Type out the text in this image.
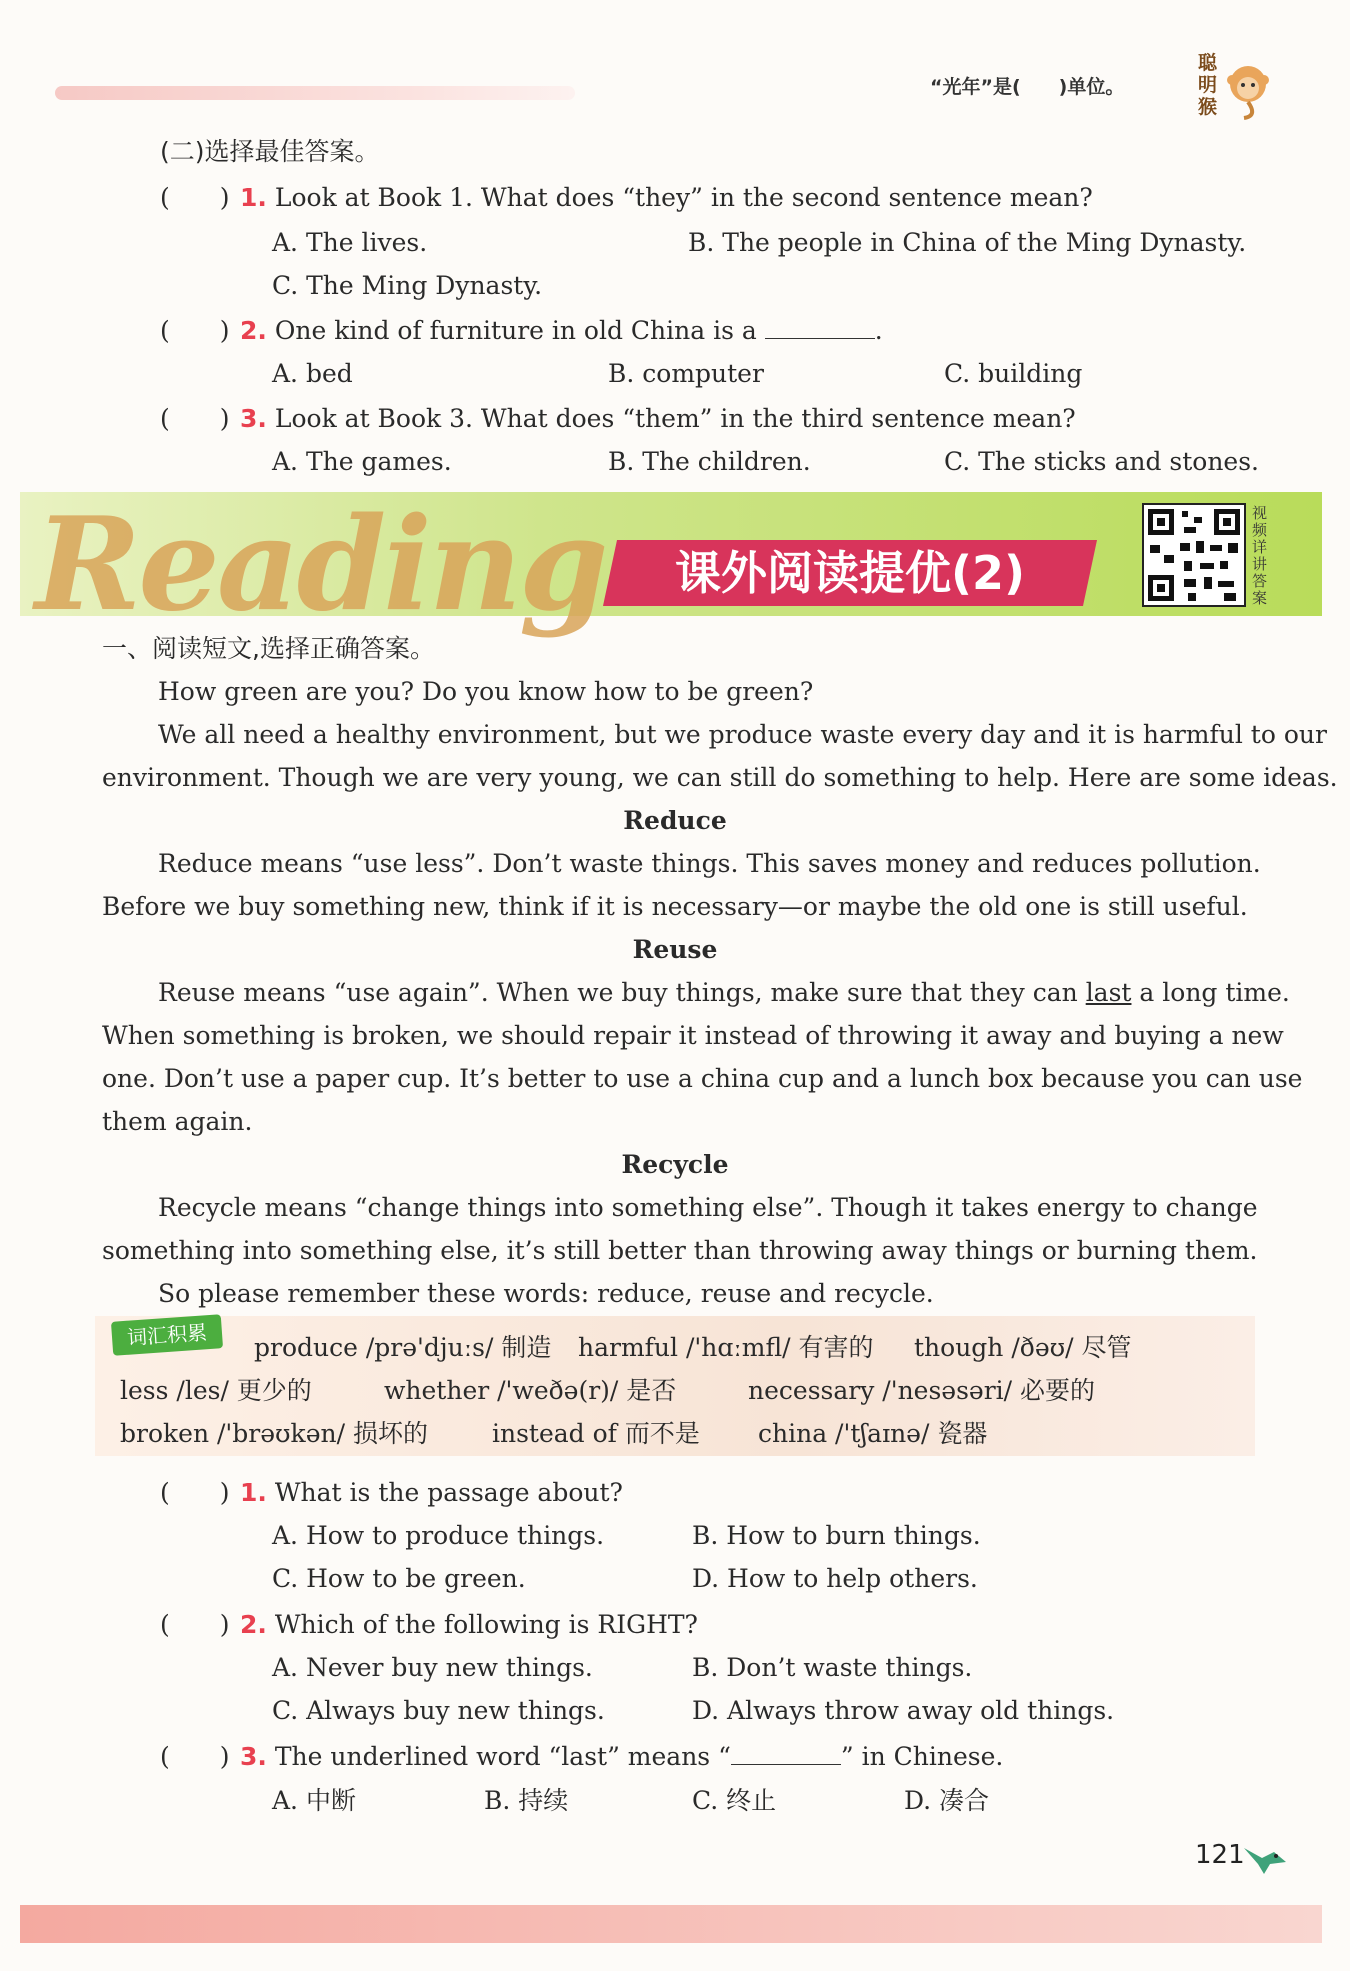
“光年”是(　　)单位。
聪明猴
(二)选择最佳答案。
(　　) 1. Look at Book 1. What does “they” in the second sentence mean?
A. The lives.	B. The people in China of the Ming Dynasty.
C. The Ming Dynasty.
(　　) 2. One kind of furniture in old China is a	.
A. bed	B. computer	C. building
(　　) 3. Look at Book 3. What does “them” in the third sentence mean?
A. The games.	B. The children.	C. The sticks and stones.
Reading	课外阅读提优(2)
视频详讲答案
一、阅读短文,选择正确答案。
How green are you? Do you know how to be green?
We all need a healthy environment, but we produce waste every day and it is harmful to our
environment. Though we are very young, we can still do something to help. Here are some ideas.
Reduce
Reduce means “use less”. Don’t waste things. This saves money and reduces pollution.
Before we buy something new, think if it is necessary—or maybe the old one is still useful.
Reuse
Reuse means “use again”. When we buy things, make sure that they can last a long time.
When something is broken, we should repair it instead of throwing it away and buying a new
one. Don’t use a paper cup. It’s better to use a china cup and a lunch box because you can use
them again.
Recycle
Recycle means “change things into something else”. Though it takes energy to change
something into something else, it’s still better than throwing away things or burning them.
So please remember these words: reduce, reuse and recycle.
词汇积累	produce /prə'djuːs/ 制造 harmful /'hɑːmfl/ 有害的 though /ðəʊ/ 尽管
less /les/ 更少的	whether /'weðə(r)/ 是否	necessary /'nesəsəri/ 必要的
broken /'brəʊkən/ 损坏的	instead of 而不是 china /'tʃaɪnə/ 瓷器
(　　) 1. What is the passage about?
A. How to produce things.	B. How to burn things.
C. How to be green.	D. How to help others.
(　　) 2. Which of the following is RIGHT?
A. Never buy new things.	B. Don’t waste things.
C. Always buy new things.	D. Always throw away old things.
(　　) 3. The underlined word “last” means “	” in Chinese.
A. 中断	B. 持续	C. 终止	D. 凑合
121
